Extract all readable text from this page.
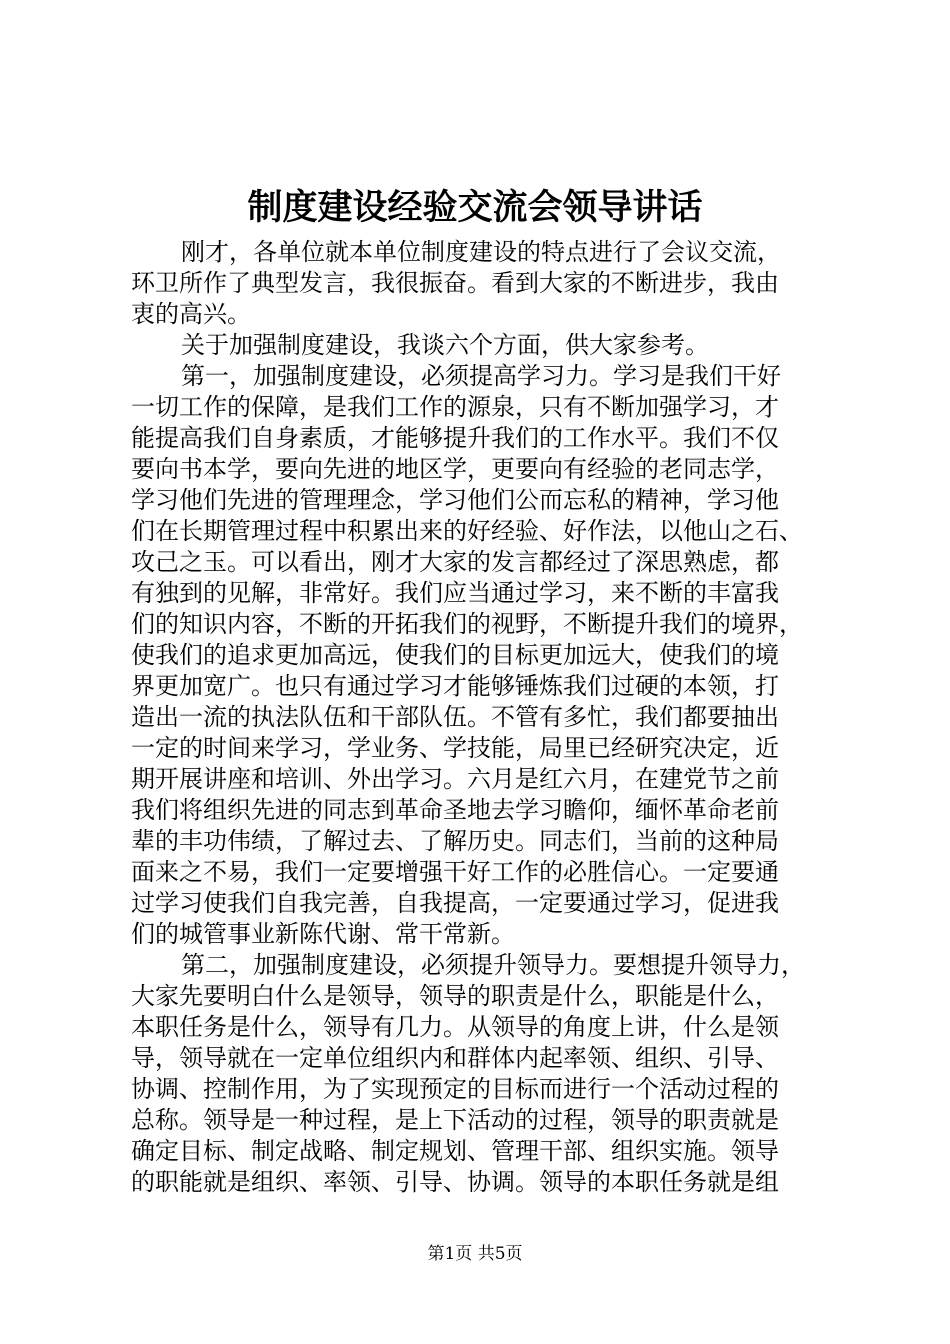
制度建设经验交流会领导讲话
刚才，各单位就本单位制度建设的特点进行了会议交流，
环卫所作了典型发言，我很振奋。看到大家的不断进步，我由
衷的高兴。
关于加强制度建设，我谈六个方面，供大家参考。
第一，加强制度建设，必须提高学习力。学习是我们干好
一切工作的保障，是我们工作的源泉，只有不断加强学习，才
能提高我们自身素质，才能够提升我们的工作水平。我们不仅
要向书本学，要向先进的地区学，更要向有经验的老同志学，
学习他们先进的管理理念，学习他们公而忘私的精神，学习他
们在长期管理过程中积累出来的好经验、好作法，以他山之石、
攻己之玉。可以看出，刚才大家的发言都经过了深思熟虑，都
有独到的见解，非常好。我们应当通过学习，来不断的丰富我
们的知识内容，不断的开拓我们的视野，不断提升我们的境界，
使我们的追求更加高远，使我们的目标更加远大，使我们的境
界更加宽广。也只有通过学习才能够锤炼我们过硬的本领，打
造出一流的执法队伍和干部队伍。不管有多忙，我们都要抽出
一定的时间来学习，学业务、学技能，局里已经研究决定，近
期开展讲座和培训、外出学习。六月是红六月，在建党节之前
我们将组织先进的同志到革命圣地去学习瞻仰，缅怀革命老前
辈的丰功伟绩，了解过去、了解历史。同志们，当前的这种局
面来之不易，我们一定要增强干好工作的必胜信心。一定要通
过学习使我们自我完善，自我提高，一定要通过学习，促进我
们的城管事业新陈代谢、常干常新。
第二，加强制度建设，必须提升领导力。要想提升领导力，
大家先要明白什么是领导，领导的职责是什么，职能是什么，
本职任务是什么，领导有几力。从领导的角度上讲，什么是领
导，领导就在一定单位组织内和群体内起率领、组织、引导、
协调、控制作用，为了实现预定的目标而进行一个活动过程的
总称。领导是一种过程，是上下活动的过程，领导的职责就是
确定目标、制定战略、制定规划、管理干部、组织实施。领导
的职能就是组织、率领、引导、协调。领导的本职任务就是组
第1页 共5页
